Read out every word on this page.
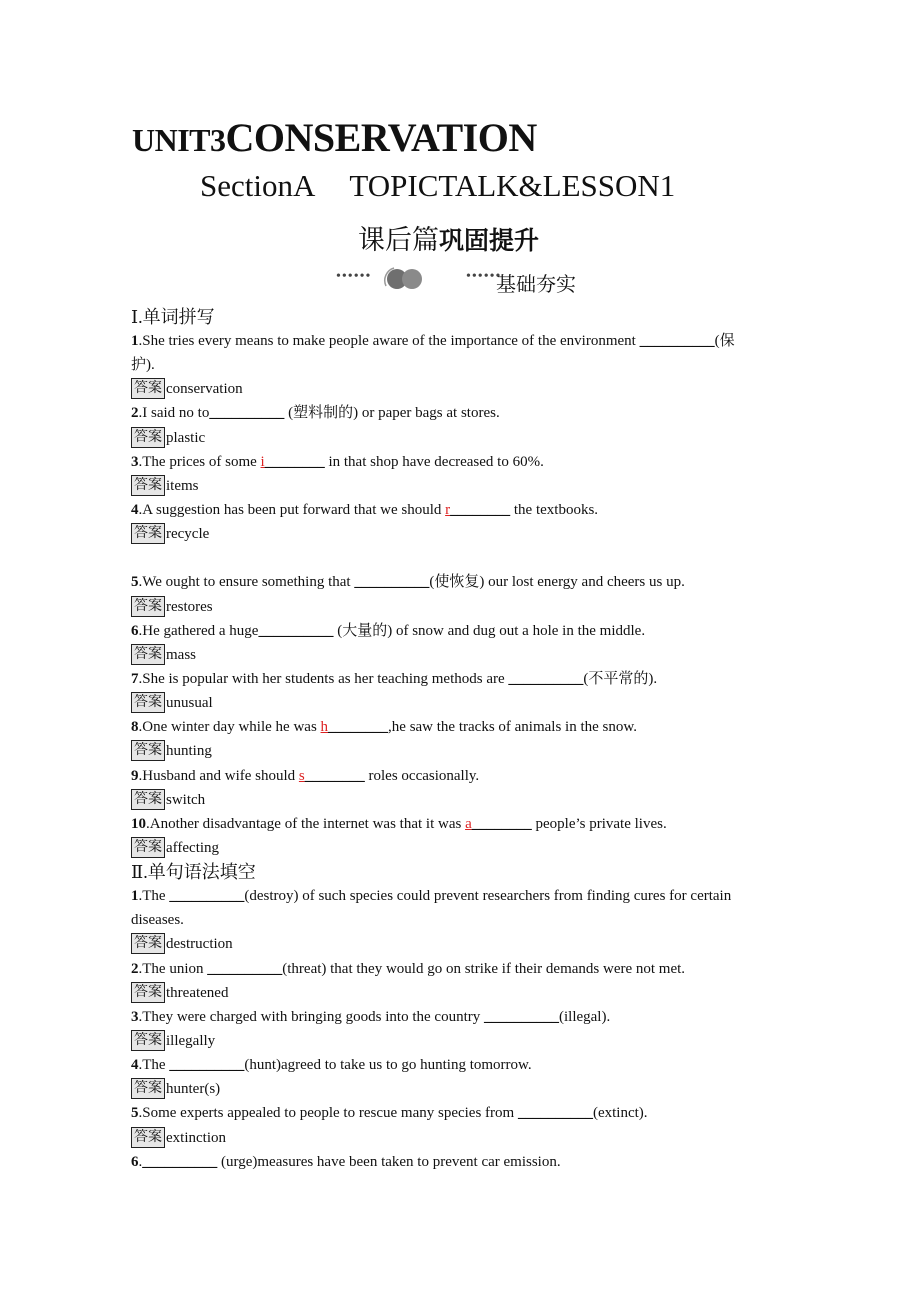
UNIT3CONSERVATION
SectionA TOPICTALK&LESSON1
课后篇巩固提升
••••••	••••••
基础夯实
Ⅰ.单词拼写
1.She tries every means to make people aware of the importance of the environment __________(保
护).
答案 conservation
2.I said no to__________ (塑料制的) or paper bags at stores.
答案 plastic
3.The prices of some i________ in that shop have decreased to 60%.
答案 items
4.A suggestion has been put forward that we should r________ the textbooks.
答案 recycle
5.We ought to ensure something that __________(使恢复) our lost energy and cheers us up.
答案 restores
6.He gathered a huge__________ (大量的) of snow and dug out a hole in the middle.
答案 mass
7.She is popular with her students as her teaching methods are __________(不平常的).
答案 unusual
8.One winter day while he was h________,he saw the tracks of animals in the snow.
答案 hunting
9.Husband and wife should s________ roles occasionally.
答案 switch
10.Another disadvantage of the internet was that it was a________ people’s private lives.
答案 affecting
Ⅱ.单句语法填空
1.The __________(destroy) of such species could prevent researchers from finding cures for certain
diseases.
答案 destruction
2.The union __________(threat) that they would go on strike if their demands were not met.
答案 threatened
3.They were charged with bringing goods into the country __________(illegal).
答案 illegally
4.The __________(hunt)agreed to take us to go hunting tomorrow.
答案 hunter(s)
5.Some experts appealed to people to rescue many species from __________(extinct).
答案 extinction
6.__________ (urge)measures have been taken to prevent car emission.
